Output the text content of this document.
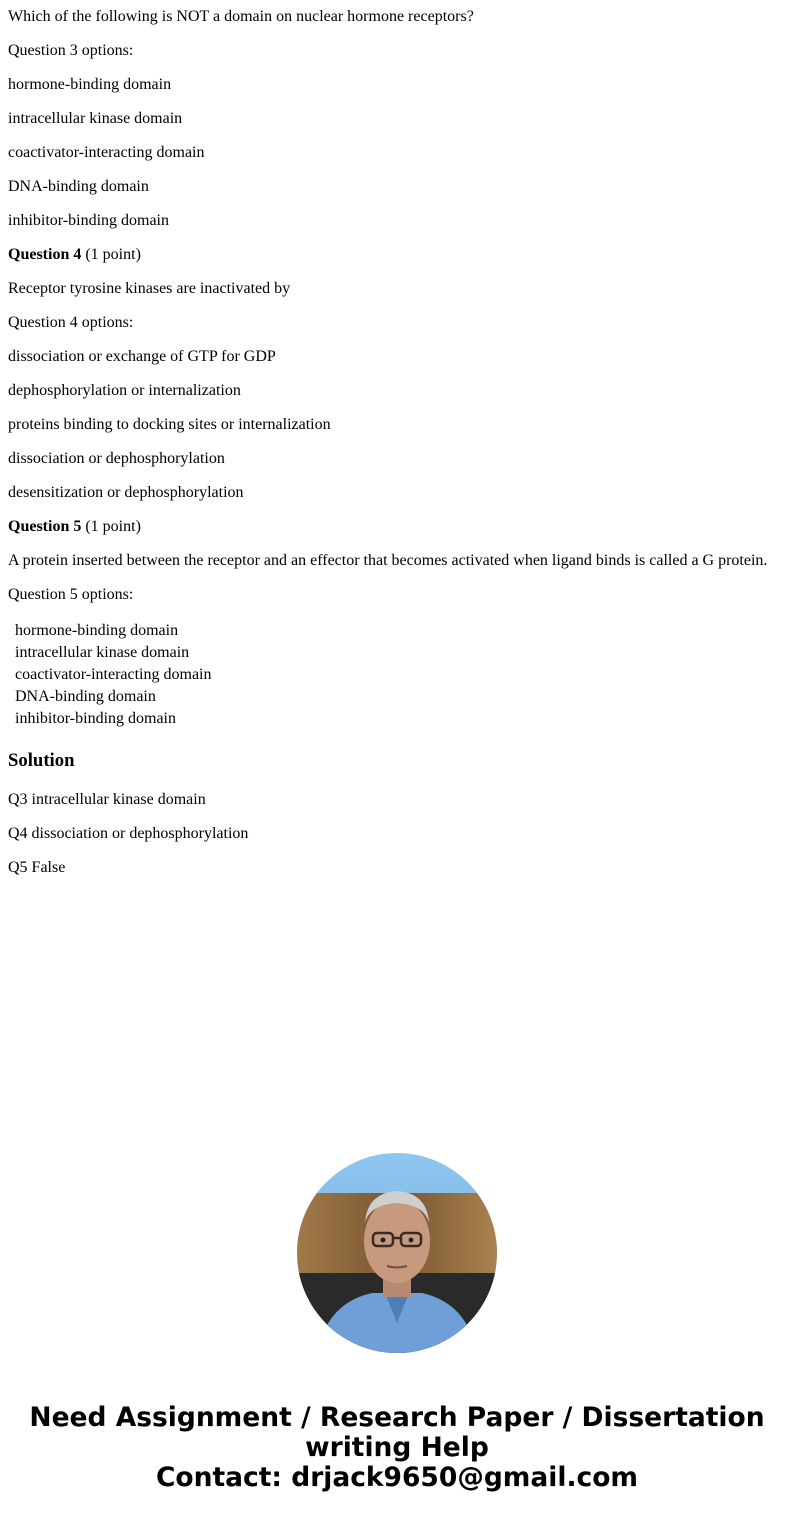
Which of the following is NOT a domain on nuclear hormone receptors?
Question 3 options:
hormone-binding domain
intracellular kinase domain
coactivator-interacting domain
DNA-binding domain
inhibitor-binding domain
Question 4 (1 point)
Receptor tyrosine kinases are inactivated by
Question 4 options:
dissociation or exchange of GTP for GDP
dephosphorylation or internalization
proteins binding to docking sites or internalization
dissociation or dephosphorylation
desensitization or dephosphorylation
Question 5 (1 point)
A protein inserted between the receptor and an effector that becomes activated when ligand binds is called a G protein.
Question 5 options:
hormone-binding domain
intracellular kinase domain
coactivator-interacting domain
DNA-binding domain
inhibitor-binding domain
Solution
Q3 intracellular kinase domain
Q4 dissociation or dephosphorylation
Q5 False
Need Assignment / Research Paper / Dissertation
writing Help
Contact: drjack9650@gmail.com
